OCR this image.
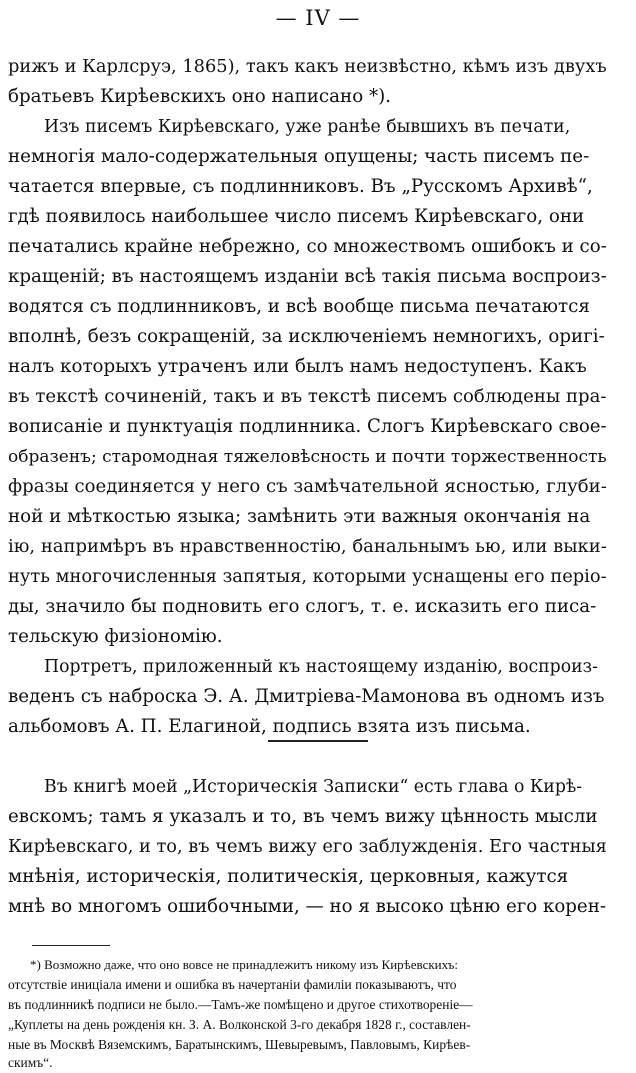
— IV —
рижъ и Карлсруэ, 1865), такъ какъ неизвѣстно, кѣмъ изъ двухъ
братьевъ Кирѣевскихъ оно написано *).
Изъ писемъ Кирѣевскаго, уже ранѣе бывшихъ въ печати,
немногія мало-содержательныя опущены; часть писемъ пе-
чатается впервые, съ подлинниковъ. Въ „Русскомъ Архивѣ“,
гдѣ появилось наибольшее число писемъ Кирѣевскаго, они
печатались крайне небрежно, со множествомъ ошибокъ и со-
кращеній; въ настоящемъ изданіи всѣ такія письма воспроиз-
водятся съ подлинниковъ, и всѣ вообще письма печатаются
вполнѣ, безъ сокращеній, за исключеніемъ немногихъ, оригі-
налъ которыхъ утраченъ или былъ намъ недоступенъ. Какъ
въ текстѣ сочиненій, такъ и въ текстѣ писемъ соблюдены пра-
вописаніе и пунктуація подлинника. Слогъ Кирѣевскаго свое-
образенъ; старомодная тяжеловѣсность и почти торжественность
фразы соединяется у него съ замѣчательной ясностью, глуби-
ной и мѣткостью языка; замѣнить эти важныя окончанія на
ію, напримѣръ въ нравственностію, банальнымъ ью, или выки-
нуть многочисленныя запятыя, которыми уснащены его періо-
ды, значило бы подновить его слогъ, т. е. исказить его писа-
тельскую физіономію.
Портретъ, приложенный къ настоящему изданію, воспроиз-
веденъ съ наброска Э. А. Дмитріева-Мамонова въ одномъ изъ
альбомовъ А. П. Елагиной, подпись взята изъ письма.
Въ книгѣ моей „Историческія Записки“ есть глава о Кирѣ-
евскомъ; тамъ я указалъ и то, въ чемъ вижу цѣнность мысли
Кирѣевскаго, и то, въ чемъ вижу его заблужденія. Его частныя
мнѣнія, историческія, политическія, церковныя, кажутся
мнѣ во многомъ ошибочными, — но я высоко цѣню его корен-
*) Возможно даже, что оно вовсе не принадлежитъ никому изъ Кирѣевскихъ:
отсутствіе иниціала имени и ошибка въ начертаніи фамиліи показываютъ, что
въ подлинникѣ подписи не было.—Тамъ-же помѣщено и другое стихотвореніе—
„Куплеты на день рожденія кн. З. А. Волконской 3-го декабря 1828 г., составлен-
ные въ Москвѣ Вяземскимъ, Баратынскимъ, Шевыревымъ, Павловымъ, Кирѣев-
скимъ“.
